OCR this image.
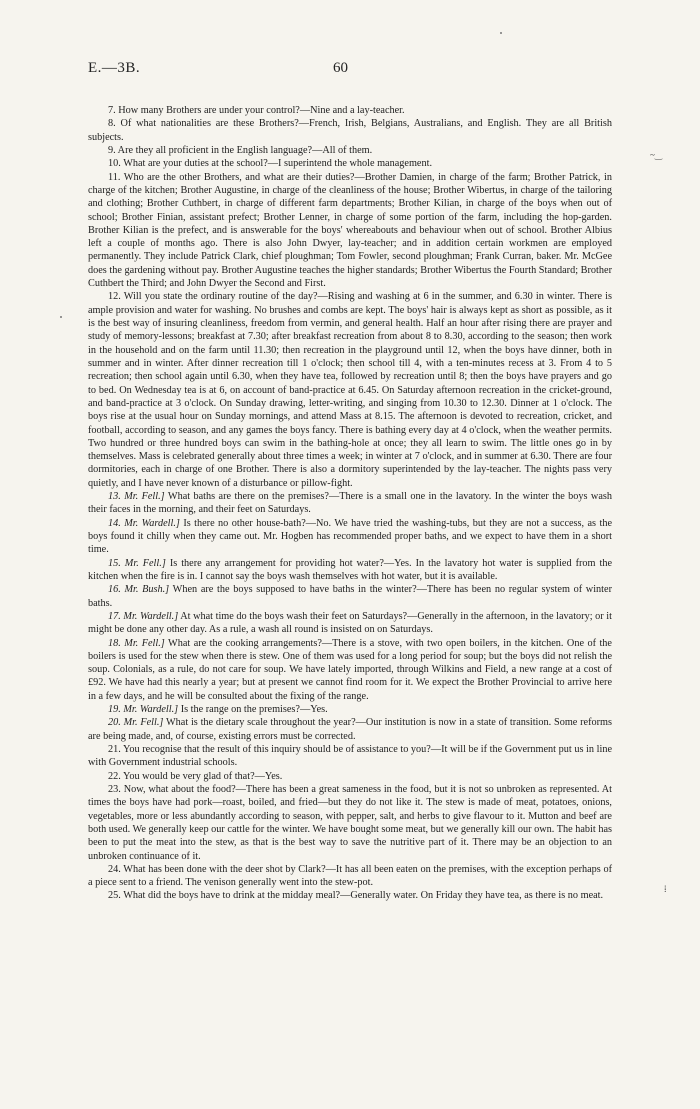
E.—3B.	60

7. How many Brothers are under your control?—Nine and a lay-teacher.

8. Of what nationalities are these Brothers?—French, Irish, Belgians, Australians, and English. They are all British subjects.

9. Are they all proficient in the English language?—All of them.

10. What are your duties at the school?—I superintend the whole management.

11. Who are the other Brothers, and what are their duties?—Brother Damien, in charge of the farm; Brother Patrick, in charge of the kitchen; Brother Augustine, in charge of the cleanliness of the house; Brother Wibertus, in charge of the tailoring and clothing; Brother Cuthbert, in charge of different farm departments; Brother Kilian, in charge of the boys when out of school; Brother Finian, assistant prefect; Brother Lenner, in charge of some portion of the farm, including the hop-garden. Brother Kilian is the prefect, and is answerable for the boys' whereabouts and behaviour when out of school. Brother Albius left a couple of months ago. There is also John Dwyer, lay-teacher; and in addition certain workmen are employed permanently. They include Patrick Clark, chief ploughman; Tom Fowler, second ploughman; Frank Curran, baker. Mr. McGee does the gardening without pay. Brother Augustine teaches the higher standards; Brother Wibertus the Fourth Standard; Brother Cuthbert the Third; and John Dwyer the Second and First.

12. Will you state the ordinary routine of the day?—Rising and washing at 6 in the summer, and 6.30 in winter. There is ample provision and water for washing. No brushes and combs are kept. The boys' hair is always kept as short as possible, as it is the best way of insuring cleanliness, freedom from vermin, and general health. Half an hour after rising there are prayer and study of memory-lessons; breakfast at 7.30; after breakfast recreation from about 8 to 8.30, according to the season; then work in the household and on the farm until 11.30; then recreation in the playground until 12, when the boys have dinner, both in summer and in winter. After dinner recreation till 1 o'clock; then school till 4, with a ten-minutes recess at 3. From 4 to 5 recreation; then school again until 6.30, when they have tea, followed by recreation until 8; then the boys have prayers and go to bed. On Wednesday tea is at 6, on account of band-practice at 6.45. On Saturday afternoon recreation in the cricket-ground, and band-practice at 3 o'clock. On Sunday drawing, letter-writing, and singing from 10.30 to 12.30. Dinner at 1 o'clock. The boys rise at the usual hour on Sunday mornings, and attend Mass at 8.15. The afternoon is devoted to recreation, cricket, and football, according to season, and any games the boys fancy. There is bathing every day at 4 o'clock, when the weather permits. Two hundred or three hundred boys can swim in the bathing-hole at once; they all learn to swim. The little ones go in by themselves. Mass is celebrated generally about three times a week; in winter at 7 o'clock, and in summer at 6.30. There are four dormitories, each in charge of one Brother. There is also a dormitory superintended by the lay-teacher. The nights pass very quietly, and I have never known of a disturbance or pillow-fight.

13. Mr. Fell.] What baths are there on the premises?—There is a small one in the lavatory. In the winter the boys wash their faces in the morning, and their feet on Saturdays.

14. Mr. Wardell.] Is there no other house-bath?—No. We have tried the washing-tubs, but they are not a success, as the boys found it chilly when they came out. Mr. Hogben has recommended proper baths, and we expect to have them in a short time.

15. Mr. Fell.] Is there any arrangement for providing hot water?—Yes. In the lavatory hot water is supplied from the kitchen when the fire is in. I cannot say the boys wash themselves with hot water, but it is available.

16. Mr. Bush.] When are the boys supposed to have baths in the winter?—There has been no regular system of winter baths.

17. Mr. Wardell.] At what time do the boys wash their feet on Saturdays?—Generally in the afternoon, in the lavatory; or it might be done any other day. As a rule, a wash all round is insisted on on Saturdays.

18. Mr. Fell.] What are the cooking arrangements?—There is a stove, with two open boilers, in the kitchen. One of the boilers is used for the stew when there is stew. One of them was used for a long period for soup; but the boys did not relish the soup. Colonials, as a rule, do not care for soup. We have lately imported, through Wilkins and Field, a new range at a cost of £92. We have had this nearly a year; but at present we cannot find room for it. We expect the Brother Provincial to arrive here in a few days, and he will be consulted about the fixing of the range.

19. Mr. Wardell.] Is the range on the premises?—Yes.

20. Mr. Fell.] What is the dietary scale throughout the year?—Our institution is now in a state of transition. Some reforms are being made, and, of course, existing errors must be corrected.

21. You recognise that the result of this inquiry should be of assistance to you?—It will be if the Government put us in line with Government industrial schools.

22. You would be very glad of that?—Yes.

23. Now, what about the food?—There has been a great sameness in the food, but it is not so unbroken as represented. At times the boys have had pork—roast, boiled, and fried—but they do not like it. The stew is made of meat, potatoes, onions, vegetables, more or less abundantly according to season, with pepper, salt, and herbs to give flavour to it. Mutton and beef are both used. We generally keep our cattle for the winter. We have bought some meat, but we generally kill our own. The habit has been to put the meat into the stew, as that is the best way to save the nutritive part of it. There may be an objection to an unbroken continuance of it.

24. What has been done with the deer shot by Clark?—It has all been eaten on the premises, with the exception perhaps of a piece sent to a friend. The venison generally went into the stew-pot.

25. What did the boys have to drink at the midday meal?—Generally water. On Friday they have tea, as there is no meat.

~‿
⁞
